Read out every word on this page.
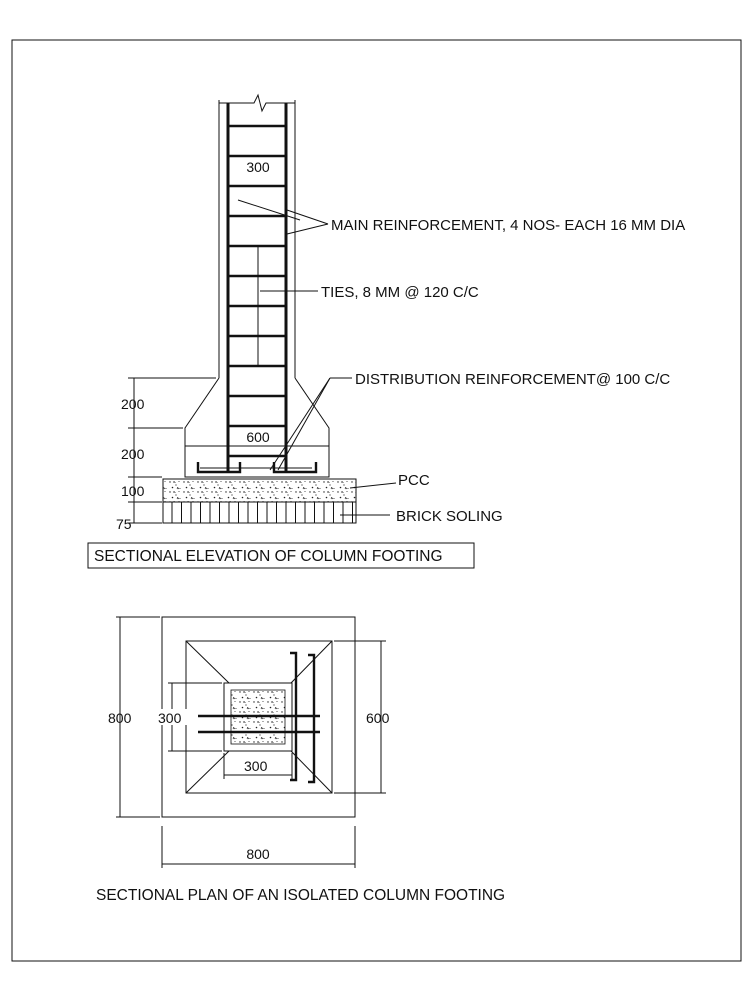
600
300
200
200
100
75
MAIN REINFORCEMENT, 4 NOS- EACH 16 MM DIA
TIES, 8 MM @ 120 C/C
DISTRIBUTION REINFORCEMENT@ 100 C/C
PCC
BRICK SOLING
SECTIONAL ELEVATION OF COLUMN FOOTING
800 300	600
300
800
SECTIONAL PLAN OF AN ISOLATED COLUMN FOOTING
